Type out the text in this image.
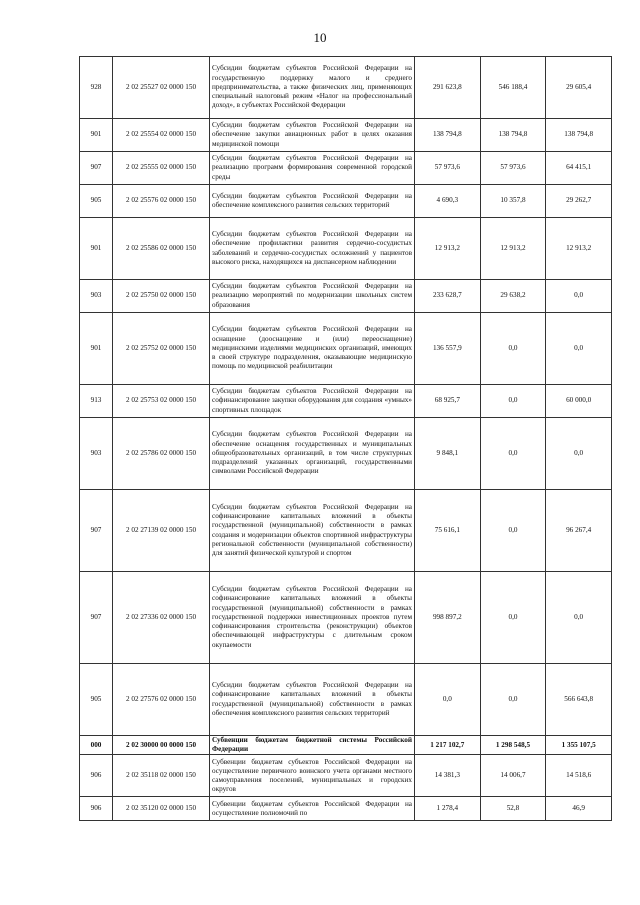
10
928	2 02 25527 02 0000 150	Субсидии бюджетам субъектов Российской Федерации на государственную поддержку малого и среднего предпринимательства, а также физических лиц, применяющих специальный налоговый режим «Налог на профессиональный доход», в субъектах Российской Федерации	291 623,8	546 188,4	29 605,4
901	2 02 25554 02 0000 150	Субсидии бюджетам субъектов Российской Федерации на обеспечение закупки авиационных работ в целях оказания медицинской помощи	138 794,8	138 794,8	138 794,8
907	2 02 25555 02 0000 150	Субсидии бюджетам субъектов Российской Федерации на реализацию программ формирования современной городской среды	57 973,6	57 973,6	64 415,1
905	2 02 25576 02 0000 150	Субсидии бюджетам субъектов Российской Федерации на обеспечение комплексного развития сельских территорий	4 690,3	10 357,8	29 262,7
901	2 02 25586 02 0000 150	Субсидии бюджетам субъектов Российской Федерации на обеспечение профилактики развития сердечно-сосудистых заболеваний и сердечно-сосудистых осложнений у пациентов высокого риска, находящихся на диспансерном наблюдении	12 913,2	12 913,2	12 913,2
903	2 02 25750 02 0000 150	Субсидии бюджетам субъектов Российской Федерации на реализацию мероприятий по модернизации школьных систем образования	233 628,7	29 638,2	0,0
901	2 02 25752 02 0000 150	Субсидии бюджетам субъектов Российской Федерации на оснащение (дооснащение и (или) переоснащение) медицинскими изделиями медицинских организаций, имеющих в своей структуре подразделения, оказывающие медицинскую помощь по медицинской реабилитации	136 557,9	0,0	0,0
913	2 02 25753 02 0000 150	Субсидии бюджетам субъектов Российской Федерации на софинансирование закупки оборудования для создания «умных» спортивных площадок	68 925,7	0,0	60 000,0
903	2 02 25786 02 0000 150	Субсидии бюджетам субъектов Российской Федерации на обеспечение оснащения государственных и муниципальных общеобразовательных организаций, в том числе структурных подразделений указанных организаций, государственными символами Российской Федерации	9 848,1	0,0	0,0
907	2 02 27139 02 0000 150	Субсидии бюджетам субъектов Российской Федерации на софинансирование капитальных вложений в объекты государственной (муниципальной) собственности в рамках создания и модернизации объектов спортивной инфраструктуры региональной собственности (муниципальной собственности) для занятий физической культурой и спортом	75 616,1	0,0	96 267,4
907	2 02 27336 02 0000 150	Субсидии бюджетам субъектов Российской Федерации на софинансирование капитальных вложений в объекты государственной (муниципальной) собственности в рамках государственной поддержки инвестиционных проектов путем софинансирования строительства (реконструкции) объектов обеспечивающей инфраструктуры с длительным сроком окупаемости	998 897,2	0,0	0,0
905	2 02 27576 02 0000 150	Субсидии бюджетам субъектов Российской Федерации на софинансирование капитальных вложений в объекты государственной (муниципальной) собственности в рамках обеспечения комплексного развития сельских территорий	0,0	0,0	566 643,8
000	2 02 30000 00 0000 150	Субвенции бюджетам бюджетной системы Российской Федерации	1 217 102,7	1 298 548,5	1 355 107,5
906	2 02 35118 02 0000 150	Субвенции бюджетам субъектов Российской Федерации на осуществление первичного воинского учета органами местного самоуправления поселений, муниципальных и городских округов	14 381,3	14 006,7	14 518,6
906	2 02 35120 02 0000 150	Субвенции бюджетам субъектов Российской Федерации на осуществление полномочий по	1 278,4	52,8	46,9
